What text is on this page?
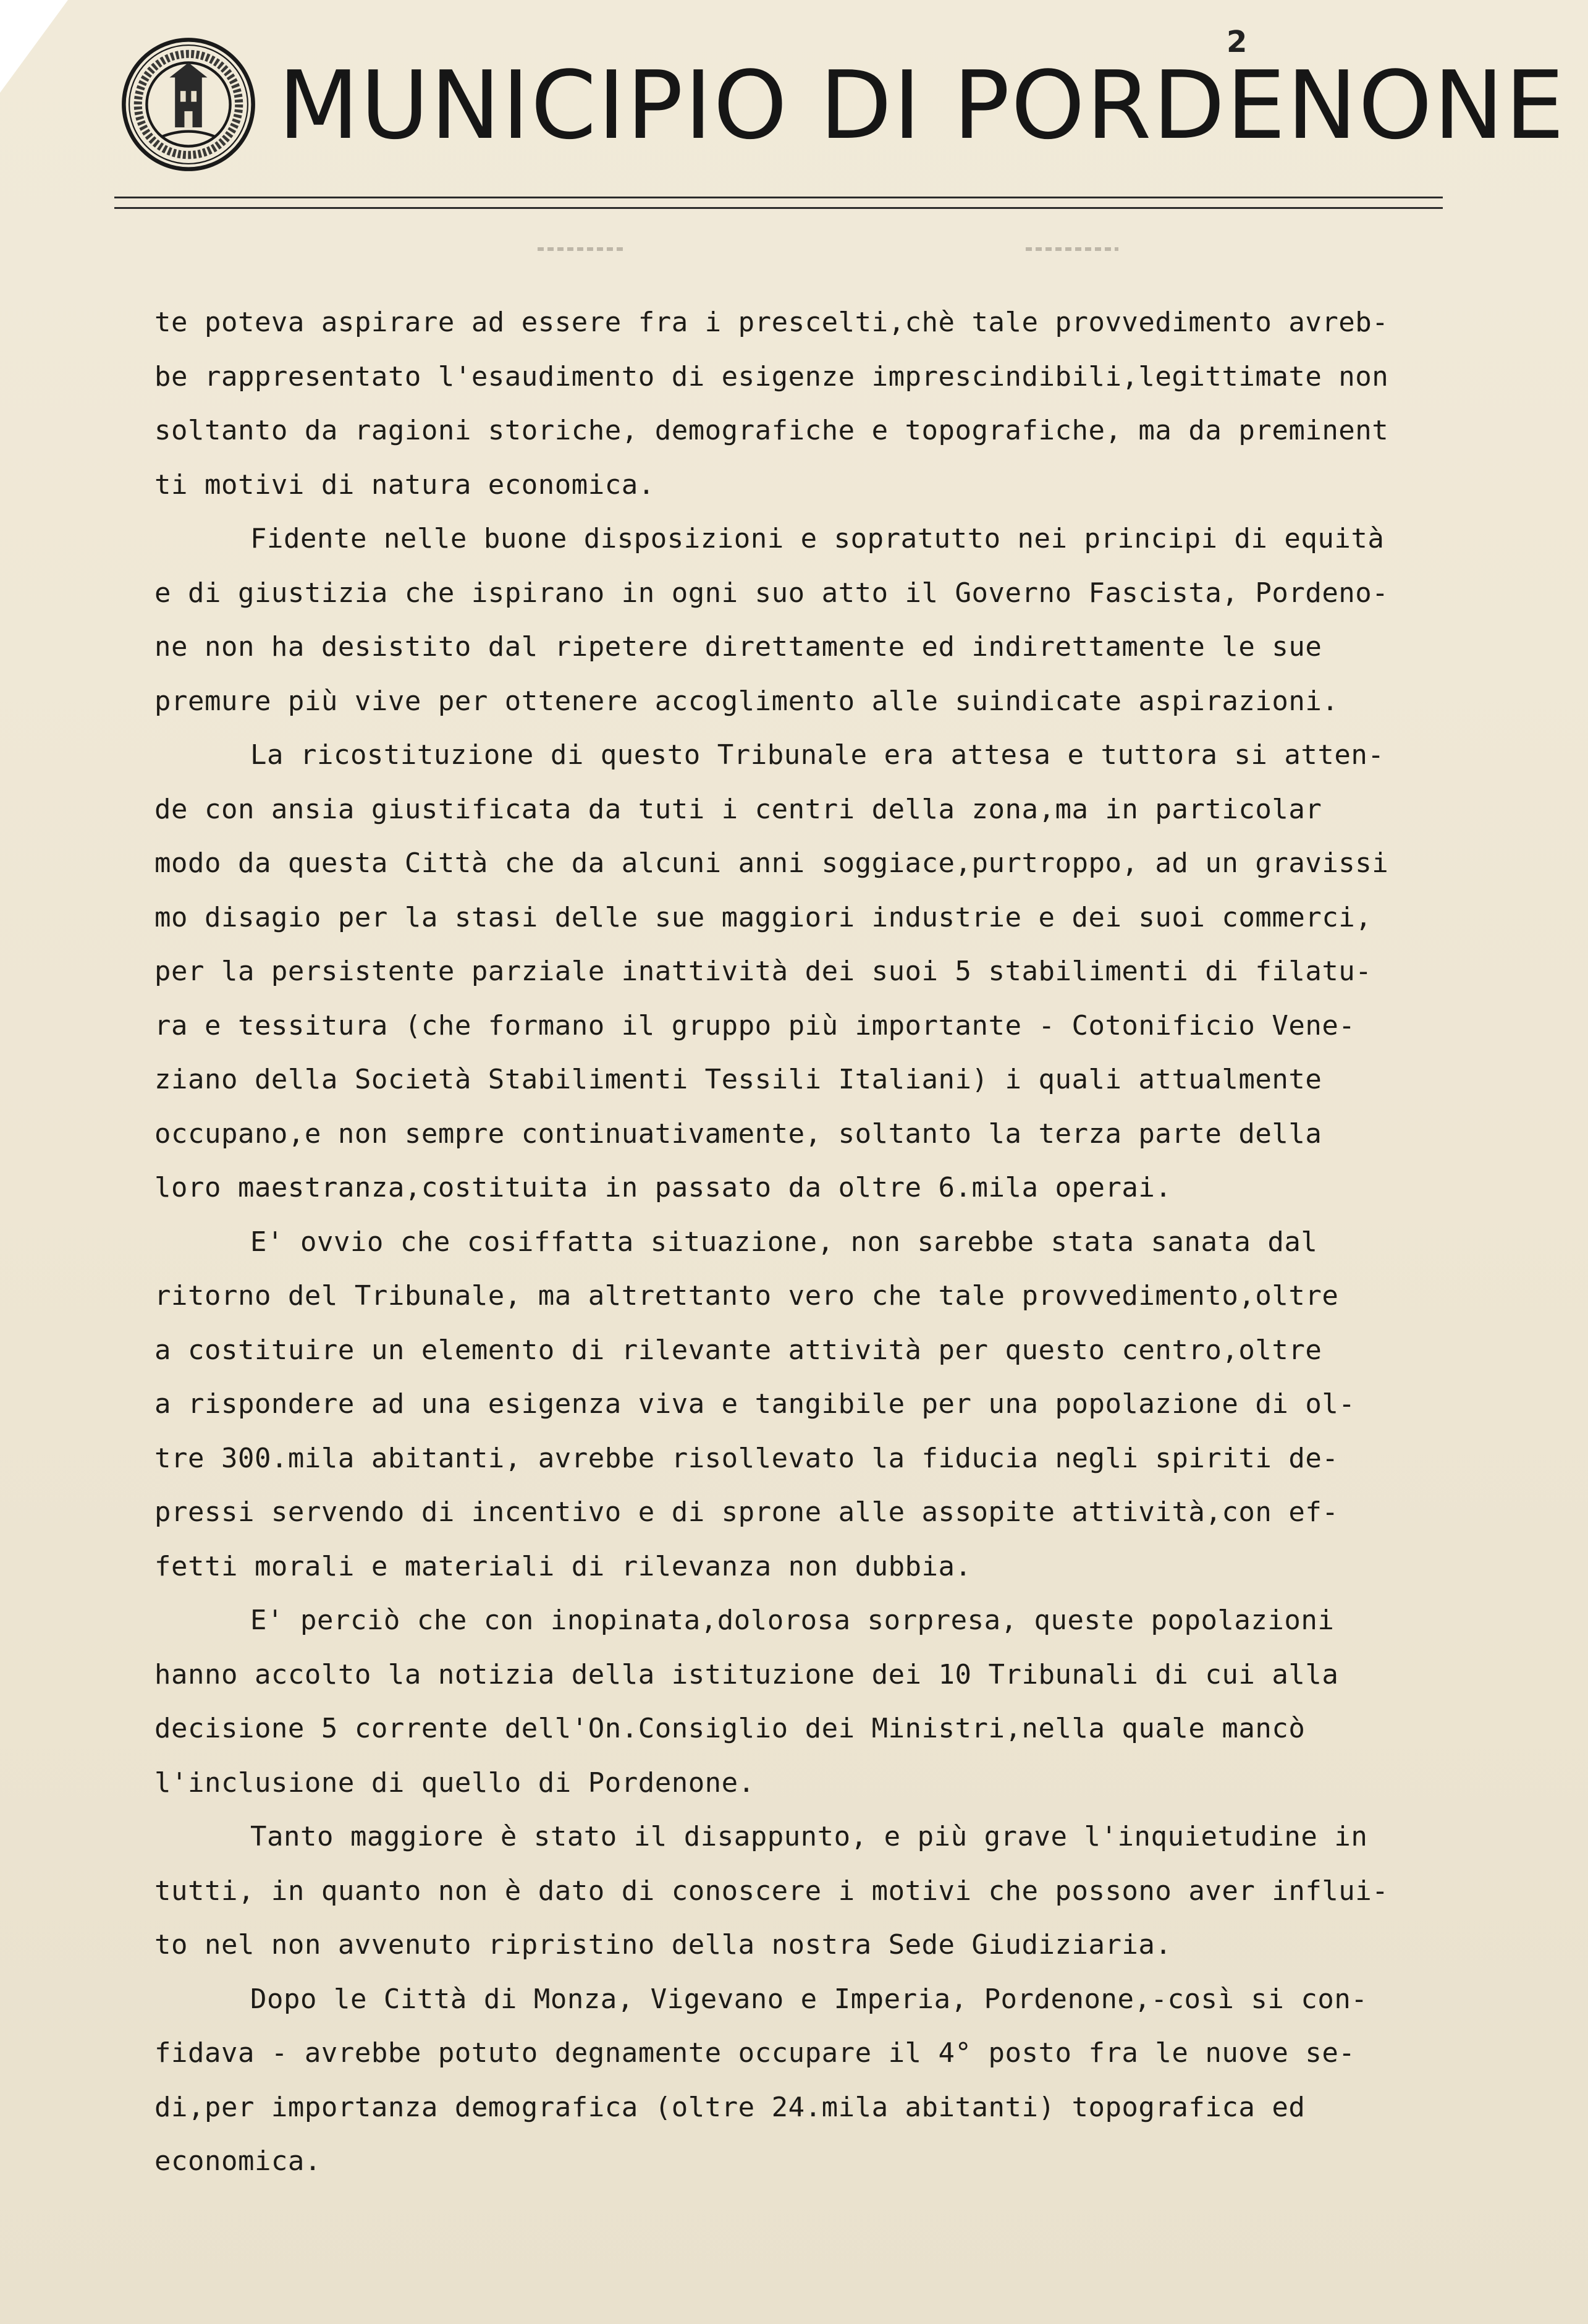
2
MUNICIPIO DI PORDENONE
te poteva aspirare ad essere fra i prescelti,chè tale provvedimento avreb-
be rappresentato l'esaudimento di esigenze imprescindibili,legittimate non
soltanto da ragioni storiche, demografiche e topografiche, ma da preminent
ti motivi di natura economica.
Fidente nelle buone disposizioni e sopratutto nei principi di equità
e di giustizia che ispirano in ogni suo atto il Governo Fascista, Pordeno-
ne non ha desistito dal ripetere direttamente ed indirettamente le sue
premure più vive per ottenere accoglimento alle suindicate aspirazioni.
La ricostituzione di questo Tribunale era attesa e tuttora si atten-
de con ansia giustificata da tuti i centri della zona,ma in particolar
modo da questa Città che da alcuni anni soggiace,purtroppo, ad un gravissi
mo disagio per la stasi delle sue maggiori industrie e dei suoi commerci,
per la persistente parziale inattività dei suoi 5 stabilimenti di filatu-
ra e tessitura (che formano il gruppo più importante - Cotonificio Vene-
ziano della Società Stabilimenti Tessili Italiani) i quali attualmente
occupano,e non sempre continuativamente, soltanto la terza parte della
loro maestranza,costituita in passato da oltre 6.mila operai.
E' ovvio che cosiffatta situazione, non sarebbe stata sanata dal
ritorno del Tribunale, ma altrettanto vero che tale provvedimento,oltre
a costituire un elemento di rilevante attività per questo centro,oltre
a rispondere ad una esigenza viva e tangibile per una popolazione di ol-
tre 300.mila abitanti, avrebbe risollevato la fiducia negli spiriti de-
pressi servendo di incentivo e di sprone alle assopite attività,con ef-
fetti morali e materiali di rilevanza non dubbia.
E' perciò che con inopinata,dolorosa sorpresa, queste popolazioni
hanno accolto la notizia della istituzione dei 10 Tribunali di cui alla
decisione 5 corrente dell'On.Consiglio dei Ministri,nella quale mancò
l'inclusione di quello di Pordenone.
Tanto maggiore è stato il disappunto, e più grave l'inquietudine in
tutti, in quanto non è dato di conoscere i motivi che possono aver influi-
to nel non avvenuto ripristino della nostra Sede Giudiziaria.
Dopo le Città di Monza, Vigevano e Imperia, Pordenone,-così si con-
fidava - avrebbe potuto degnamente occupare il 4° posto fra le nuove se-
di,per importanza demografica (oltre 24.mila abitanti) topografica ed
economica.
